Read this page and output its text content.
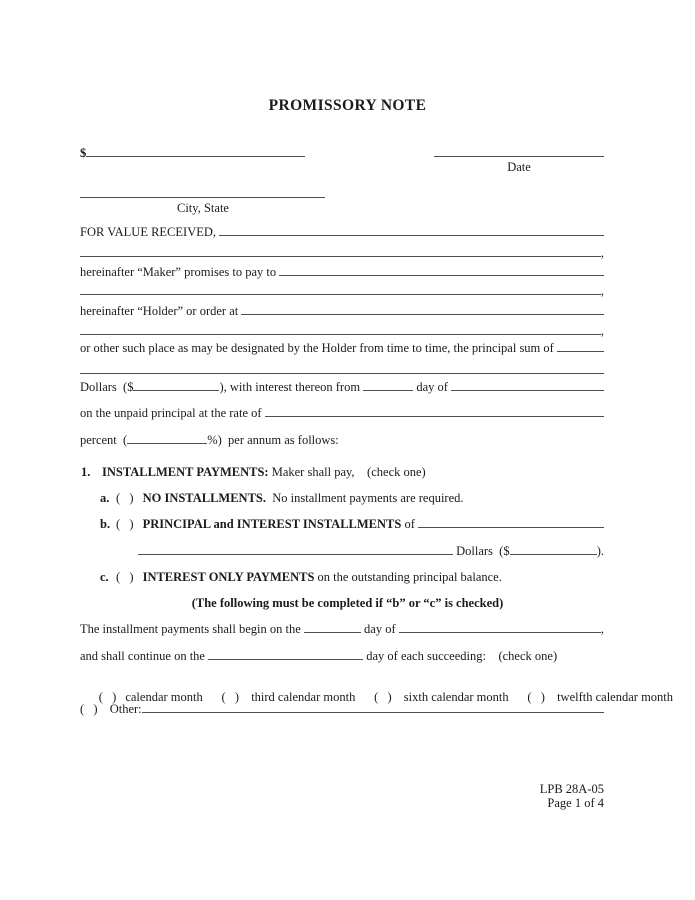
PROMISSORY NOTE
$
Date
City, State
FOR VALUE RECEIVED,
,
hereinafter “Maker” promises to pay to
,
hereinafter “Holder” or order at
,
or other such place as may be designated by the Holder from time to time, the principal sum of
Dollars  ($	), with interest thereon from	day of
on the unpaid principal at the rate of
percent  (	%)  per annum as follows:
1. INSTALLMENT PAYMENTS: Maker shall pay,    (check one)
a. (  ) NO INSTALLMENTS. No installment payments are required.
b. (  ) PRINCIPAL and INTEREST INSTALLMENTS of
Dollars  ($	).
c. (  ) INTEREST ONLY PAYMENTS on the outstanding principal balance.
(The following must be completed if “b” or “c” is checked)
The installment payments shall begin on the	day of	,
and shall continue on the	day of each succeeding:    (check one)

(  ) calendar month
	(  ) third calendar month
	(  ) sixth calendar month
	(  ) twelfth calendar month

(  ) Other:
LPB 28A-05
Page 1 of 4
